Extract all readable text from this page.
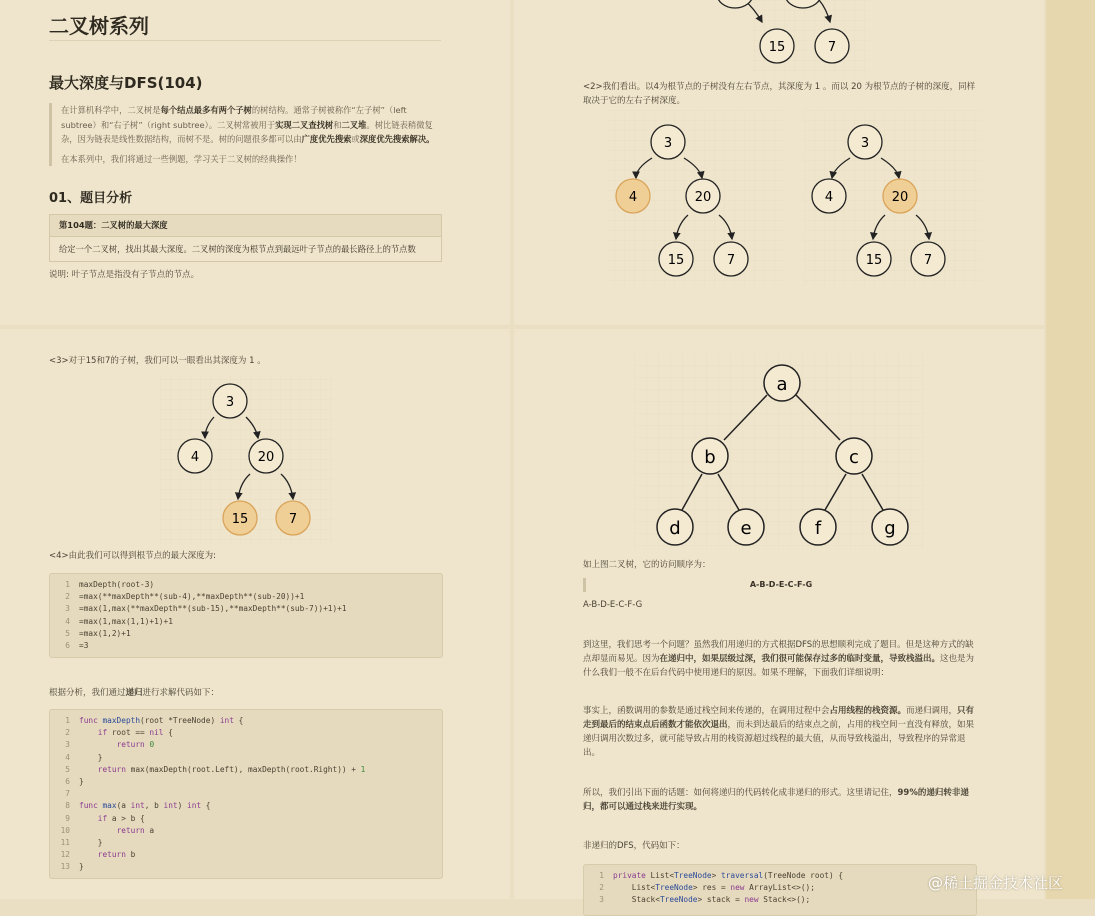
二叉树系列
最大深度与DFS(104)
在计算机科学中，二叉树是每个结点最多有两个子树的树结构。通常子树被称作“左子树”（left subtree）和“右子树”（right subtree）。二叉树常被用于实现二叉查找树和二叉堆。树比链表稍微复杂，因为链表是线性数据结构，而树不是。树的问题很多都可以由广度优先搜索或深度优先搜索解决。
在本系列中，我们将通过一些例题，学习关于二叉树的经典操作！
01、题目分析
第104题：二叉树的最大深度
给定一个二叉树，找出其最大深度。二叉树的深度为根节点到最远叶子节点的最长路径上的节点数
说明: 叶子节点是指没有子节点的节点。
15	7
3
4	20
15	7
3
4	20
15	7
<2>我们看出。以4为根节点的子树没有左右节点，其深度为 1 。而以 20 为根节点的子树的深度，同样
取决于它的左右子树深度。
<3>对于15和7的子树，我们可以一眼看出其深度为 1 。
3
4	20
15	7
<4>由此我们可以得到根节点的最大深度为:
1	maxDepth(root-3)
2	=max(**maxDepth**(sub-4),**maxDepth**(sub-20))+1
3	=max(1,max(**maxDepth**(sub-15),**maxDepth**(sub-7))+1)+1
4	=max(1,max(1,1)+1)+1
5	=max(1,2)+1
6	=3
根据分析，我们通过递归进行求解代码如下：
1	func maxDepth(root *TreeNode) int {
2	if root == nil {
3	return 0
4	}
5	return max(maxDepth(root.Left), maxDepth(root.Right)) + 1
6	}
7
8	func max(a int, b int) int {
9	if a > b {
10	return a
11	}
12	return b
13	}
a
b	c
d	e	f	g
如上图二叉树，它的访问顺序为：
A-B-D-E-C-F-G
A-B-D-E-C-F-G
到这里，我们思考一个问题？虽然我们用递归的方式根据DFS的思想顺利完成了题目。但是这种方式的缺点却显而易见。因为在递归中，如果层级过深，我们很可能保存过多的临时变量，导致栈溢出。这也是为什么我们一般不在后台代码中使用递归的原因。如果不理解，下面我们详细说明：
事实上，函数调用的参数是通过栈空间来传递的，在调用过程中会占用线程的栈资源。而递归调用，只有走到最后的结束点后函数才能依次退出，而未到达最后的结束点之前，占用的栈空间一直没有释放，如果递归调用次数过多，就可能导致占用的栈资源超过线程的最大值，从而导致栈溢出，导致程序的异常退出。
所以，我们引出下面的话题：如何将递归的代码转化成非递归的形式。这里请记住，99%的递归转非递归，都可以通过栈来进行实现。
非递归的DFS，代码如下：
1	private List<TreeNode> traversal(TreeNode root) {
2	List<TreeNode> res = new ArrayList<>();
3	Stack<TreeNode> stack = new Stack<>();
@稀土掘金技术社区
